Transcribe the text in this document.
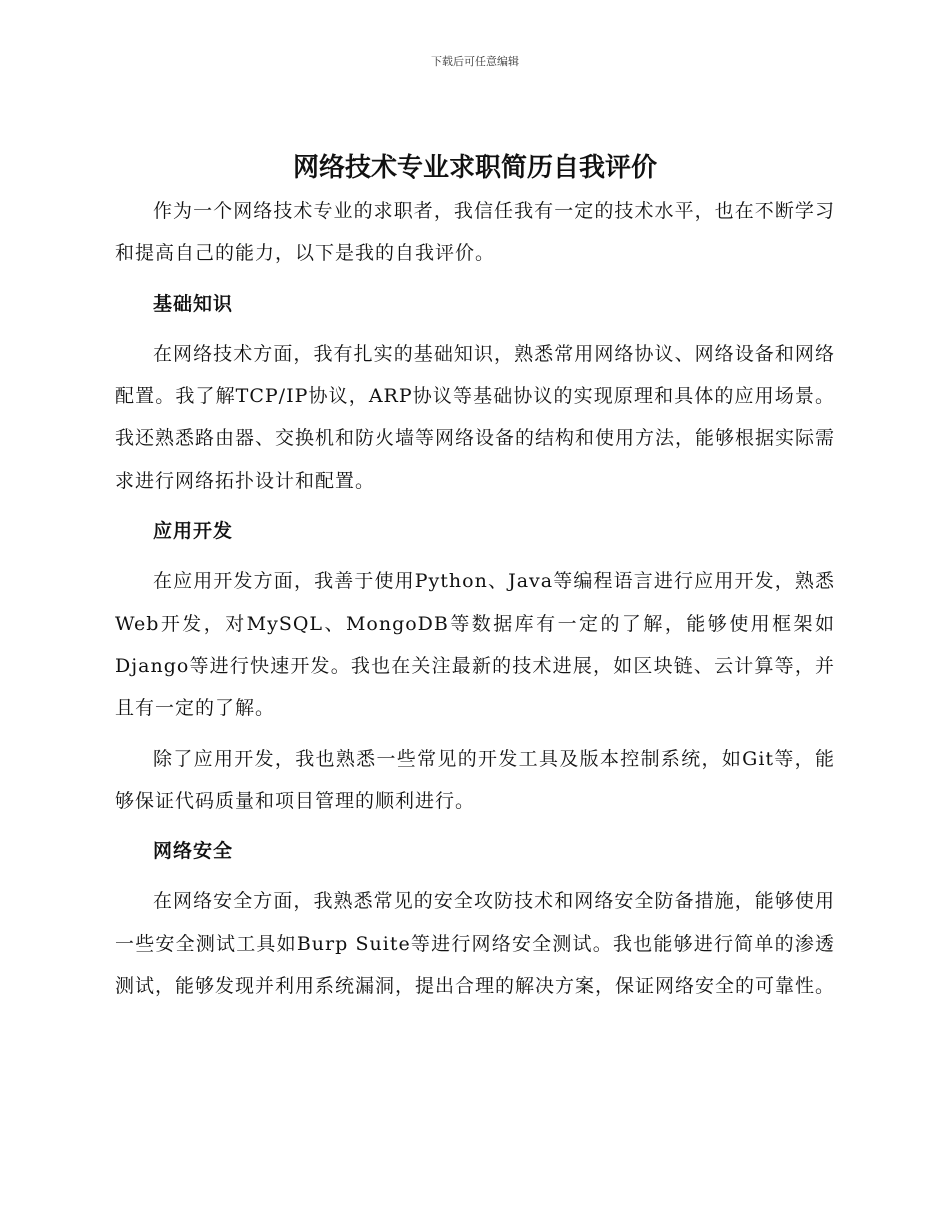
下载后可任意编辑
网络技术专业求职简历自我评价

作为一个网络技术专业的求职者，我信任我有一定的技术水平，也在不断学习和提高自己的能力，以下是我的自我评价。

基础知识

在网络技术方面，我有扎实的基础知识，熟悉常用网络协议、网络设备和网络配置。我了解TCP/IP协议，ARP协议等基础协议的实现原理和具体的应用场景。我还熟悉路由器、交换机和防火墙等网络设备的结构和使用方法，能够根据实际需求进行网络拓扑设计和配置。

应用开发

在应用开发方面，我善于使用Python、Java等编程语言进行应用开发，熟悉Web开发，对MySQL、MongoDB等数据库有一定的了解，能够使用框架如Django等进行快速开发。我也在关注最新的技术进展，如区块链、云计算等，并且有一定的了解。

除了应用开发，我也熟悉一些常见的开发工具及版本控制系统，如Git等，能够保证代码质量和项目管理的顺利进行。

网络安全

在网络安全方面，我熟悉常见的安全攻防技术和网络安全防备措施，能够使用一些安全测试工具如Burp Suite等进行网络安全测试。我也能够进行简单的渗透测试，能够发现并利用系统漏洞，提出合理的解决方案，保证网络安全的可靠性。
